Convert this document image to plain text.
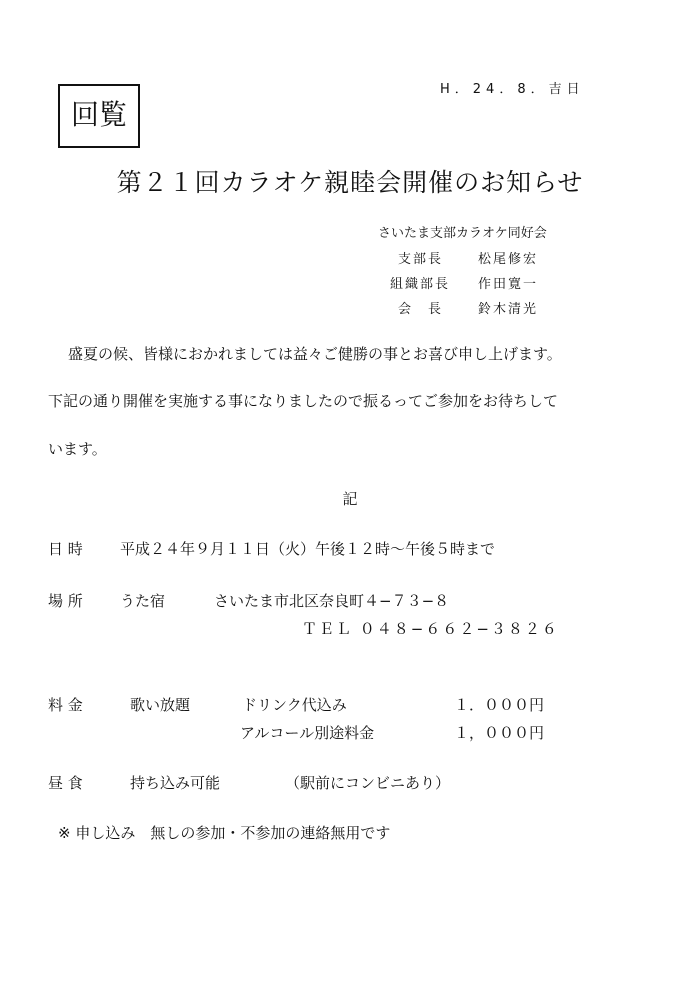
回覧
H．24．8．吉日
第２１回カラオケ親睦会開催のお知らせ
さいたま支部カラオケ同好会
支部長	松尾修宏
組織部長 作田寛一
会　長	鈴木清光
盛夏の候、皆様におかれましては益々ご健勝の事とお喜び申し上げます。
下記の通り開催を実施する事になりましたので振るってご参加をお待ちして
います。
記
日 時 平成２４年９月１１日（火）午後１２時〜午後５時まで
場 所 うた宿	さいたま市北区奈良町４−７３−８
ＴＥＬ ０４８−６６２−３８２６
料 金	歌い放題	ドリンク代込み	１．０００円
アルコール別途料金	１，０００円
昼 食	持ち込み可能	（駅前にコンビニあり）
※ 申し込み　無しの参加・不参加の連絡無用です
